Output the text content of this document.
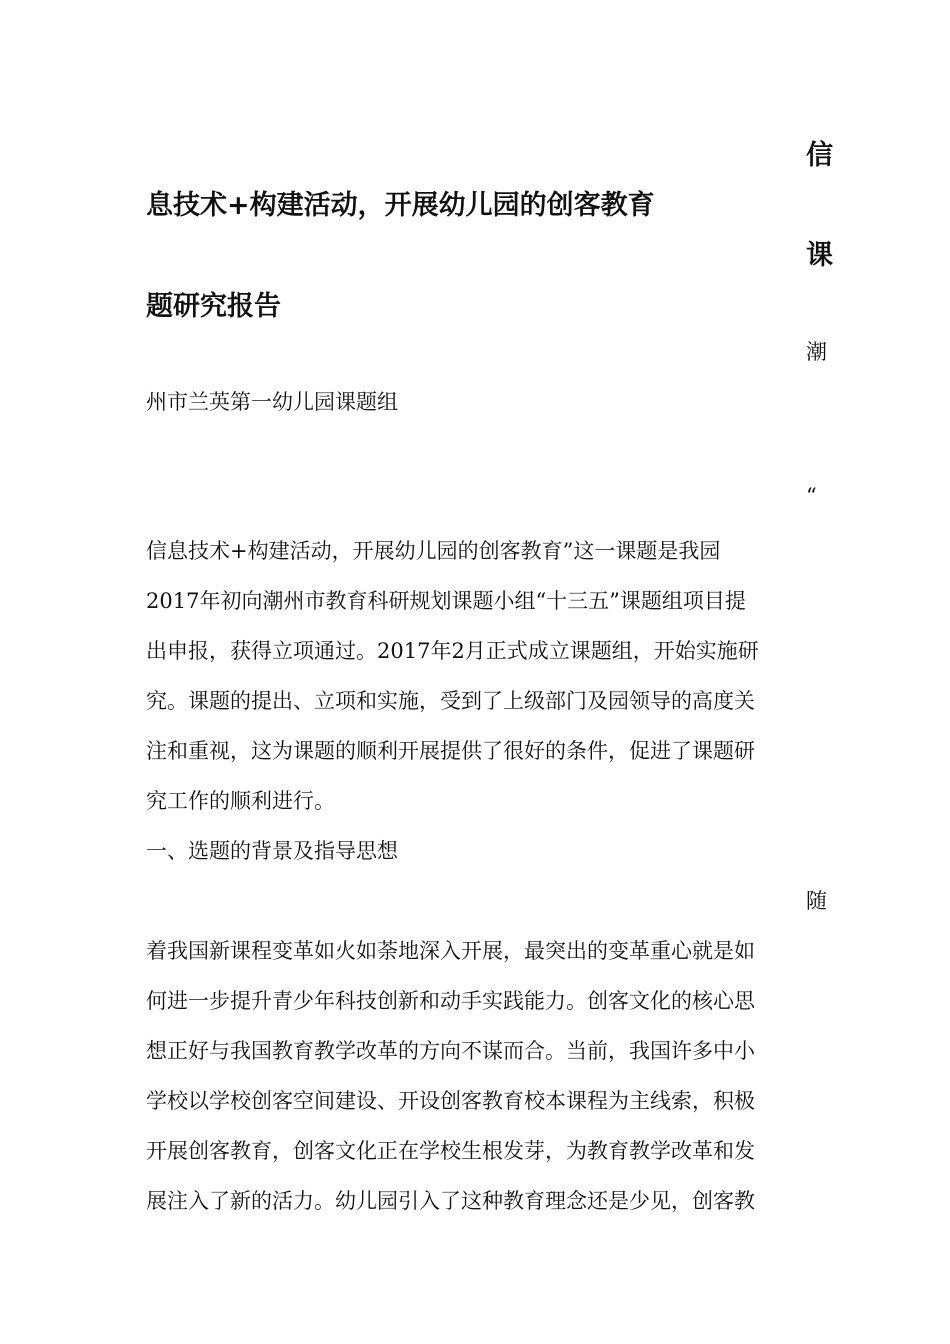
信
息技术+构建活动，开展幼儿园的创客教育
课
题研究报告
潮
州市兰英第一幼儿园课题组
“
信息技术+构建活动，开展幼儿园的创客教育”这一课题是我园
2017年初向潮州市教育科研规划课题小组“十三五”课题组项目提
出申报，获得立项通过。2017年2月正式成立课题组，开始实施研
究。课题的提出、立项和实施，受到了上级部门及园领导的高度关
注和重视，这为课题的顺利开展提供了很好的条件，促进了课题研
究工作的顺利进行。
一、选题的背景及指导思想
随
着我国新课程变革如火如荼地深入开展，最突出的变革重心就是如
何进一步提升青少年科技创新和动手实践能力。创客文化的核心思
想正好与我国教育教学改革的方向不谋而合。当前，我国许多中小
学校以学校创客空间建设、开设创客教育校本课程为主线索，积极
开展创客教育，创客文化正在学校生根发芽，为教育教学改革和发
展注入了新的活力。幼儿园引入了这种教育理念还是少见，创客教
